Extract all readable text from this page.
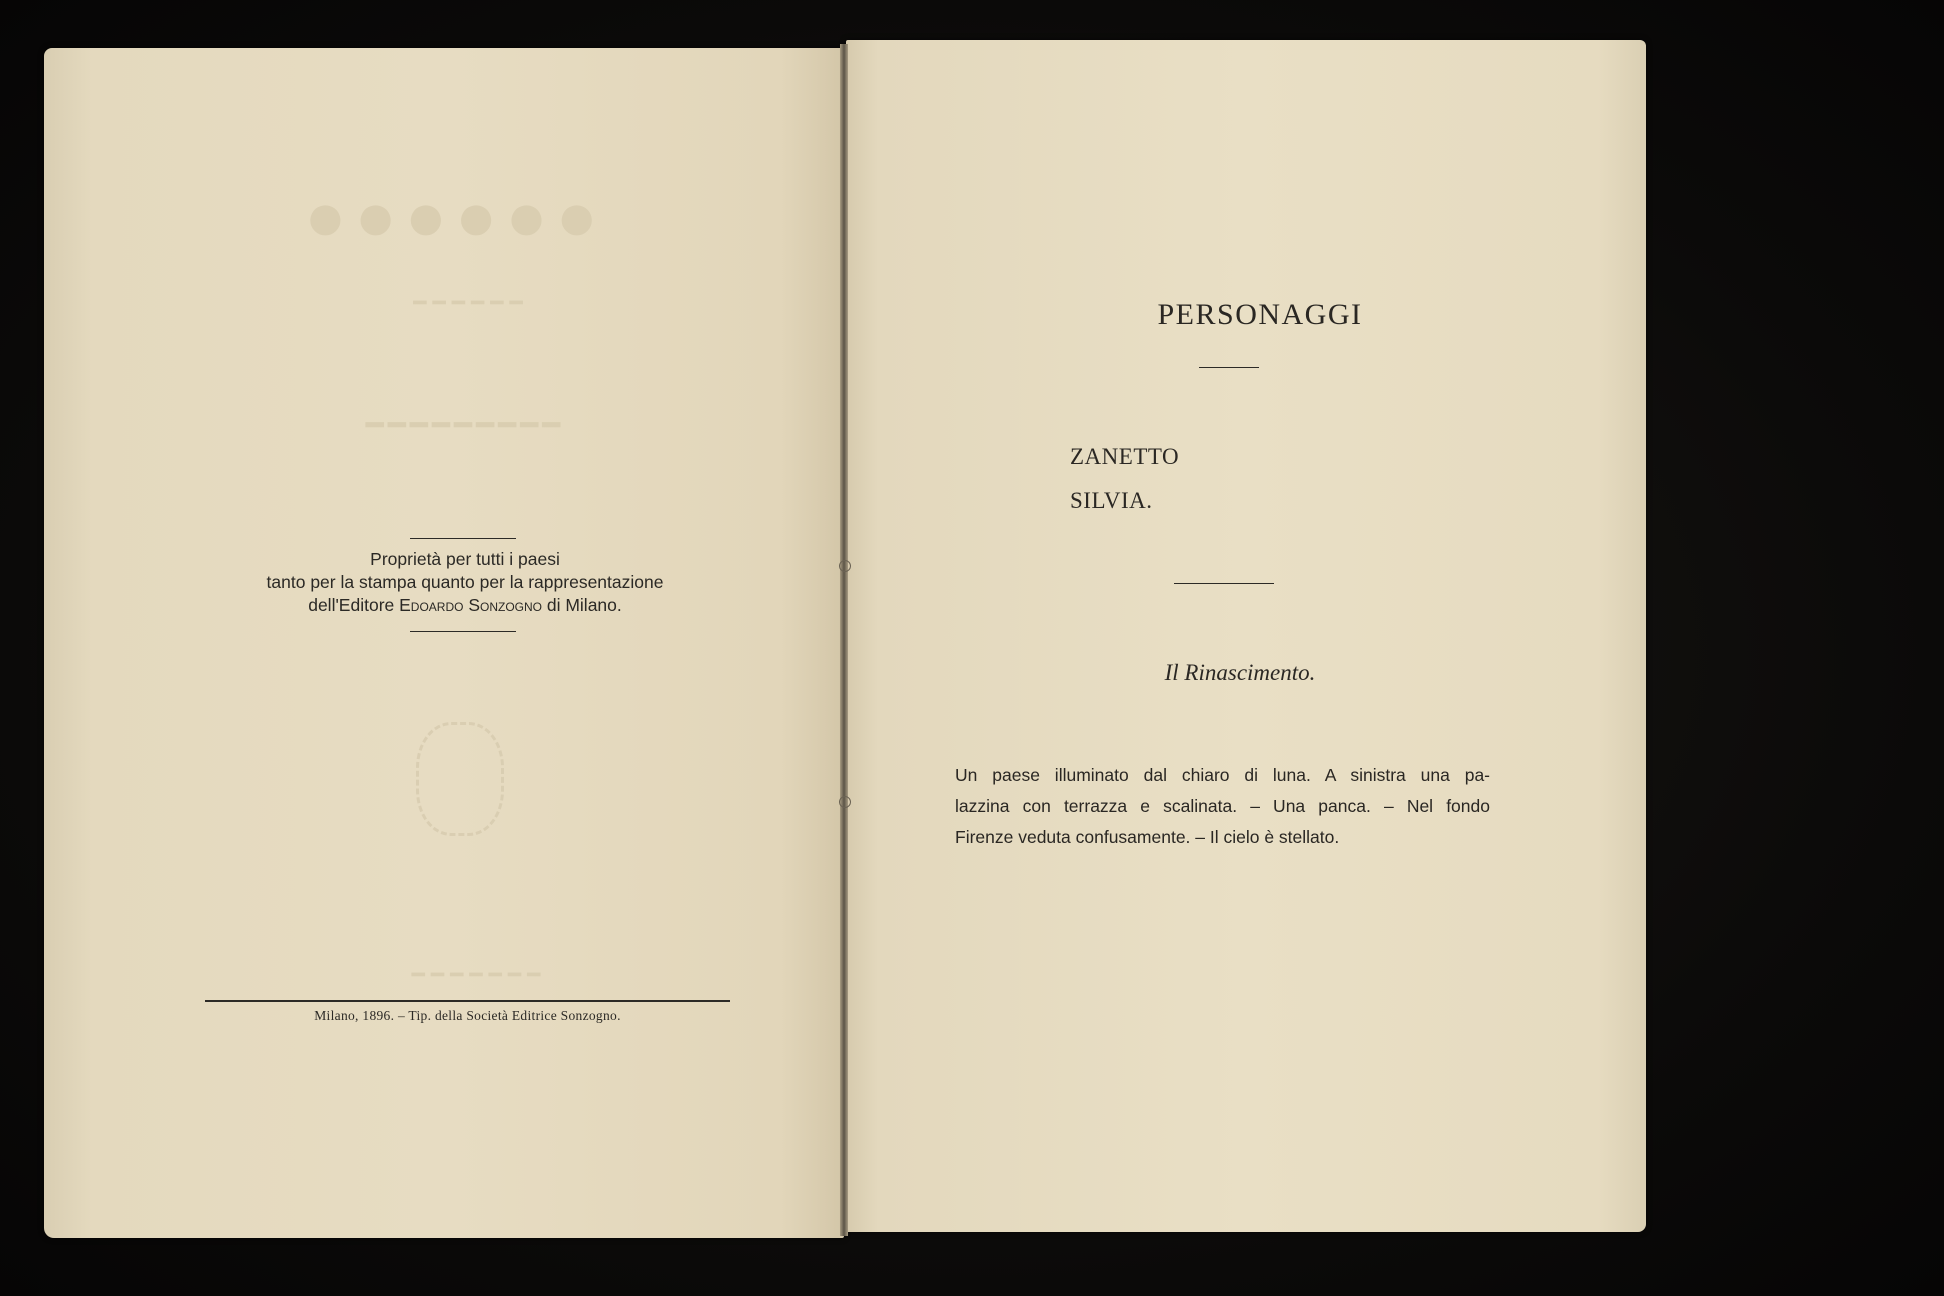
●●●●●●
━━━━━━
━━━━━━━━━
━━━━━━━
Proprietà per tutti i paesi
tanto per la stampa quanto per la rappresentazione
dell'Editore Edoardo Sonzogno di Milano.
Milano, 1896. – Tip. della Società Editrice Sonzogno.
PERSONAGGI
ZANETTO
SILVIA.
Il Rinascimento.
Un paese illuminato dal chiaro di luna. A sinistra una pa-
lazzina con terrazza e scalinata. – Una panca. – Nel fondo
Firenze veduta confusamente. – Il cielo è stellato.
